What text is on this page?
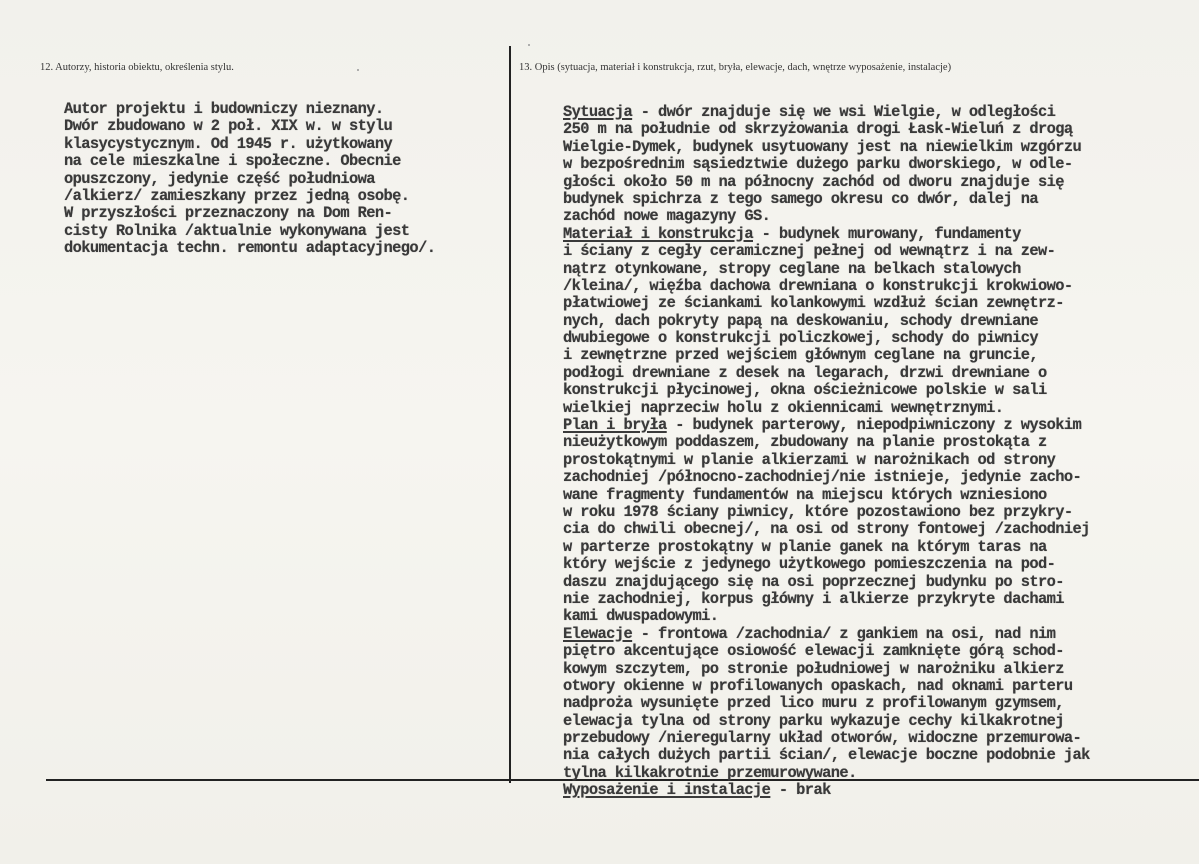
12. Autorzy, historia obiektu, określenia stylu.	13. Opis (sytuacja, materiał i konstrukcja, rzut, bryła, elewacje, dach, wnętrze wyposażenie, instalacje)
Autor projektu i budowniczy nieznany.
Dwór zbudowano w 2 poł. XIX w. w stylu
klasycystycznym. Od 1945 r. użytkowany
na cele mieszkalne i społeczne. Obecnie
opuszczony, jedynie część południowa
/alkierz/ zamieszkany przez jedną osobę.
W przyszłości przeznaczony na Dom Ren-
cisty Rolnika /aktualnie wykonywana jest
dokumentacja techn. remontu adaptacyjnego/.
Sytuacja - dwór znajduje się we wsi Wielgie, w odległości
250 m na południe od skrzyżowania drogi Łask-Wieluń z drogą
Wielgie-Dymek, budynek usytuowany jest na niewielkim wzgórzu
w bezpośrednim sąsiedztwie dużego parku dworskiego, w odle-
głości około 50 m na północny zachód od dworu znajduje się
budynek spichrza z tego samego okresu co dwór, dalej na
zachód nowe magazyny GS.
Materiał i konstrukcja - budynek murowany, fundamenty
i ściany z cegły ceramicznej pełnej od wewnątrz i na zew-
nątrz otynkowane, stropy ceglane na belkach stalowych
/kleina/, więźba dachowa drewniana o konstrukcji krokwiowo-
płatwiowej ze ściankami kolankowymi wzdłuż ścian zewnętrz-
nych, dach pokryty papą na deskowaniu, schody drewniane
dwubiegowe o konstrukcji policzkowej, schody do piwnicy
i zewnętrzne przed wejściem głównym ceglane na gruncie,
podłogi drewniane z desek na legarach, drzwi drewniane o
konstrukcji płycinowej, okna ościeżnicowe polskie w sali
wielkiej naprzeciw holu z okiennicami wewnętrznymi.
Plan i bryła - budynek parterowy, niepodpiwniczony z wysokim
nieużytkowym poddaszem, zbudowany na planie prostokąta z
prostokątnymi w planie alkierzami w narożnikach od strony
zachodniej /północno-zachodniej/nie istnieje, jedynie zacho-
wane fragmenty fundamentów na miejscu których wzniesiono
w roku 1978 ściany piwnicy, które pozostawiono bez przykry-
cia do chwili obecnej/, na osi od strony fontowej /zachodniej
w parterze prostokątny w planie ganek na którym taras na
który wejście z jedynego użytkowego pomieszczenia na pod-
daszu znajdującego się na osi poprzecznej budynku po stro-
nie zachodniej, korpus główny i alkierze przykryte dachami
kami dwuspadowymi.
Elewacje - frontowa /zachodnia/ z gankiem na osi, nad nim
piętro akcentujące osiowość elewacji zamknięte górą schod-
kowym szczytem, po stronie południowej w narożniku alkierz
otwory okienne w profilowanych opaskach, nad oknami parteru
nadproża wysunięte przed lico muru z profilowanym gzymsem,
elewacja tylna od strony parku wykazuje cechy kilkakrotnej
przebudowy /nieregularny układ otworów, widoczne przemurowa-
nia całych dużych partii ścian/, elewacje boczne podobnie jak
tylna kilkakrotnie przemurowywane.
Wyposażenie i instalacje - brak
